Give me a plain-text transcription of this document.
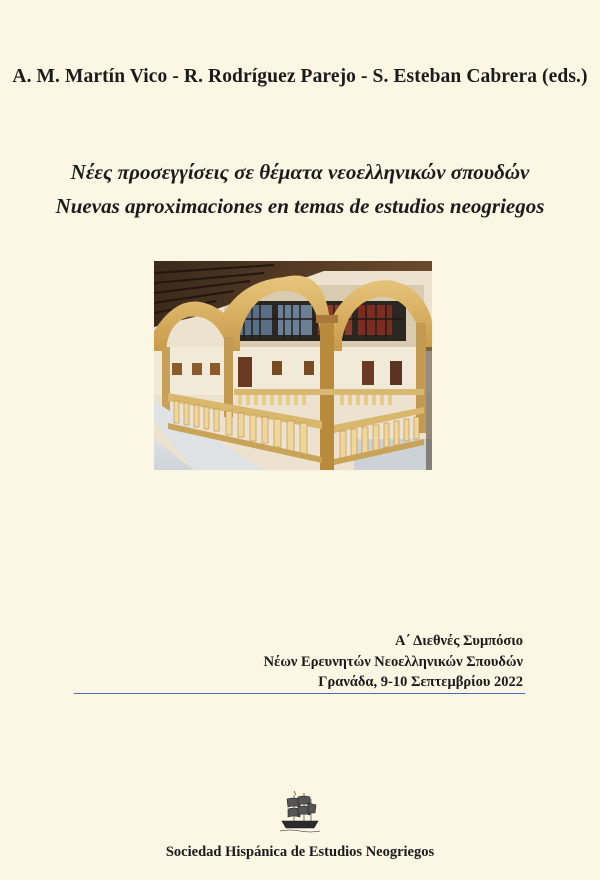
A. M. Martín Vico - R. Rodríguez Parejo - S. Esteban Cabrera (eds.)
Νέες προσεγγίσεις σε θέματα νεοελληνικών σπουδών
Nuevas aproximaciones en temas de estudios neogriegos
Α΄ Διεθνές Συμπόσιο
Νέων Ερευνητών Νεοελληνικών Σπουδών
Γρανάδα, 9-10 Σεπτεμβρίου 2022
Sociedad Hispánica de Estudios Neogriegos
